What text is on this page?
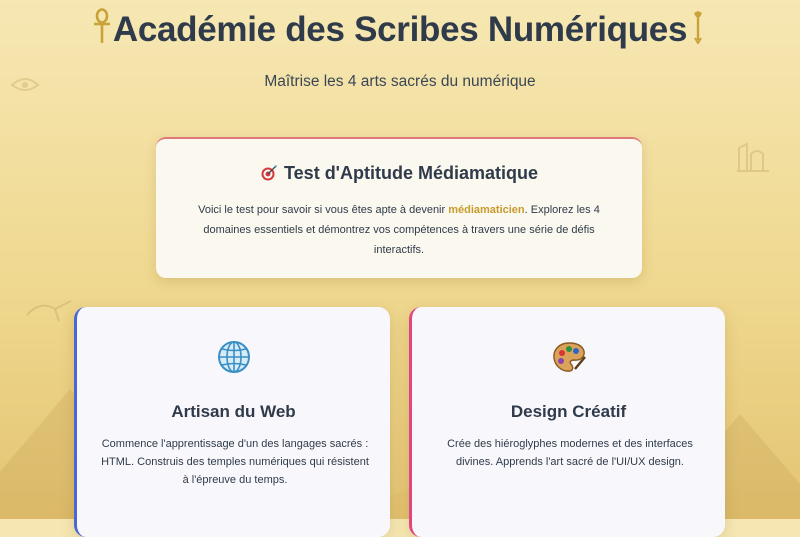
Académie des Scribes Numériques
Maîtrise les 4 arts sacrés du numérique
Test d'Aptitude Médiamatique

Voici le test pour savoir si vous êtes apte à devenir médiamaticien. Explorez les 4 domaines essentiels et démontrez vos compétences à travers une série de défis interactifs.

Artisan du Web

Commence l'apprentissage d'un des langages sacrés : HTML. Construis des temples numériques qui résistent à l'épreuve du temps.

Design Créatif

Crée des hiéroglyphes modernes et des interfaces divines. Apprends l'art sacré de l'UI/UX design.
